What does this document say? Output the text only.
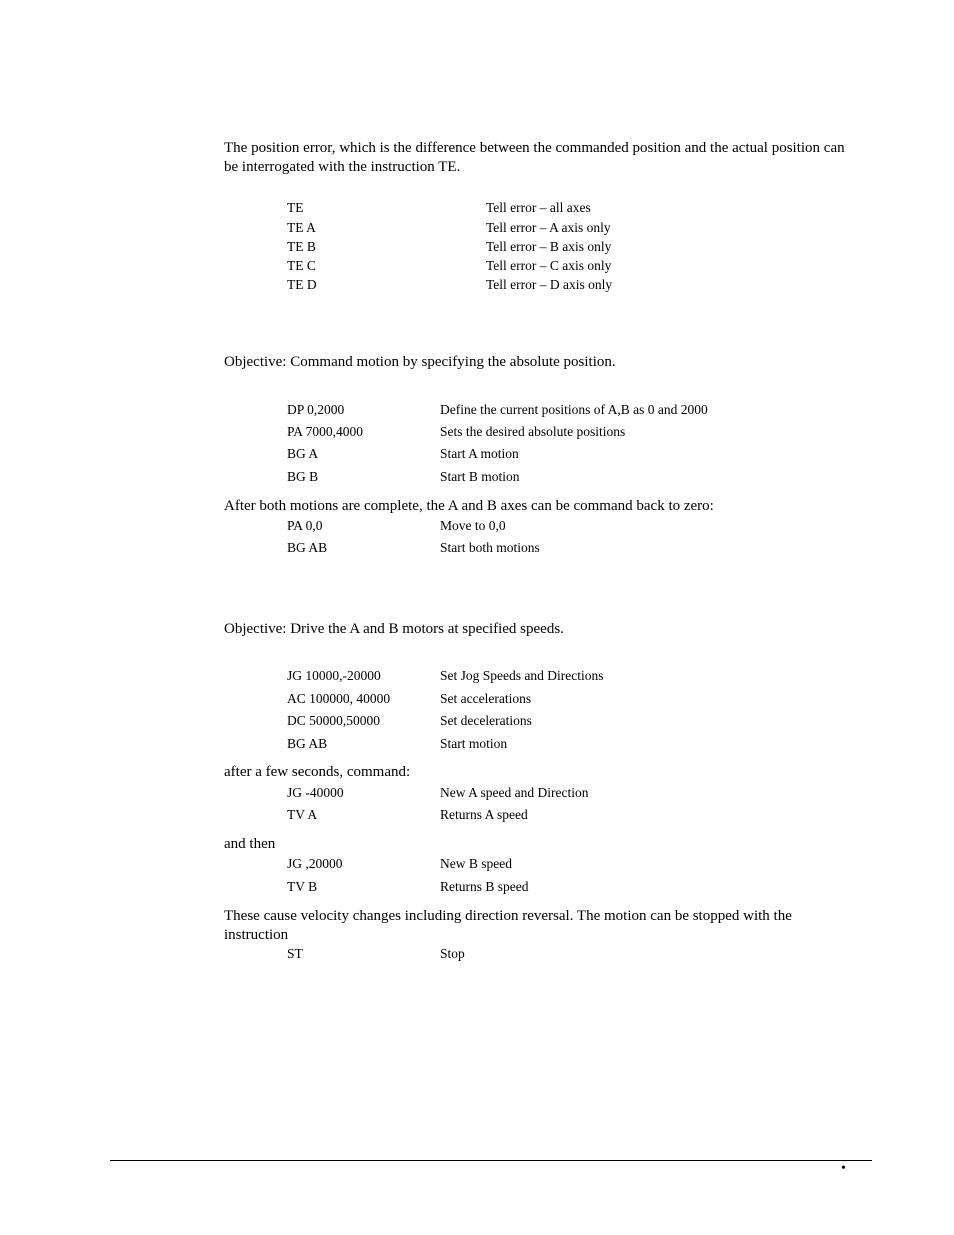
The position error, which is the difference between the commanded position and the actual position can be interrogated with the instruction TE.

TE	Tell error – all axes
TE A	Tell error – A axis only
TE B	Tell error – B axis only
TE C	Tell error – C axis only
TE D	Tell error – D axis only

Objective: Command motion by specifying the absolute position.

DP 0,2000	Define the current positions of A,B as 0 and 2000
PA 7000,4000	Sets the desired absolute positions
BG A	Start A motion
BG B	Start B motion

After both motions are complete, the A and B axes can be command back to zero:

PA 0,0	Move to 0,0
BG AB	Start both motions

Objective: Drive the A and B motors at specified speeds.

JG 10000,-20000	Set Jog Speeds and Directions
AC 100000, 40000	Set accelerations
DC 50000,50000	Set decelerations
BG AB	Start motion

after a few seconds, command:

JG -40000	New A speed and Direction
TV A	Returns A speed

and then

JG ,20000	New B speed
TV B	Returns B speed

These cause velocity changes including direction reversal. The motion can be stopped with the instruction

ST	Stop
•
